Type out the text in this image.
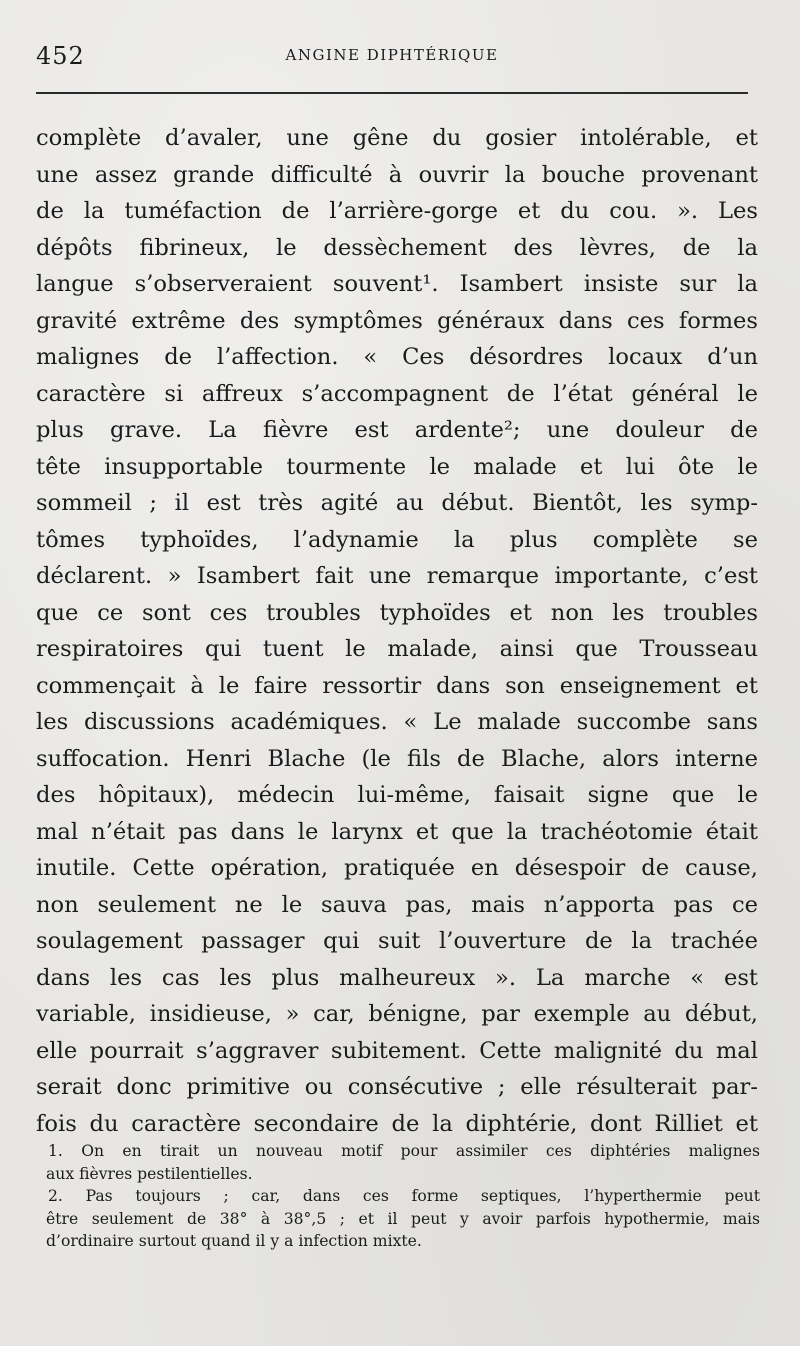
452	ANGINE DIPHTÉRIQUE
complète d’avaler, une gêne du gosier intolérable, et
une assez grande difficulté à ouvrir la bouche provenant
de la tuméfaction de l’arrière-gorge et du cou. ». Les
dépôts fibrineux, le dessèchement des lèvres, de la
langue s’observeraient souvent¹. Isambert insiste sur la
gravité extrême des symptômes généraux dans ces formes
malignes de l’affection. « Ces désordres locaux d’un
caractère si affreux s’accompagnent de l’état général le
plus grave. La fièvre est ardente²; une douleur de
tête insupportable tourmente le malade et lui ôte le
sommeil ; il est très agité au début. Bientôt, les symp-
tômes typhoïdes, l’adynamie la plus complète se
déclarent. » Isambert fait une remarque importante, c’est
que ce sont ces troubles typhoïdes et non les troubles
respiratoires qui tuent le malade, ainsi que Trousseau
commençait à le faire ressortir dans son enseignement et
les discussions académiques. « Le malade succombe sans
suffocation. Henri Blache (le fils de Blache, alors interne
des hôpitaux), médecin lui-même, faisait signe que le
mal n’était pas dans le larynx et que la trachéotomie était
inutile. Cette opération, pratiquée en désespoir de cause,
non seulement ne le sauva pas, mais n’apporta pas ce
soulagement passager qui suit l’ouverture de la trachée
dans les cas les plus malheureux ». La marche « est
variable, insidieuse, » car, bénigne, par exemple au début,
elle pourrait s’aggraver subitement. Cette malignité du mal
serait donc primitive ou consécutive ; elle résulterait par-
fois du caractère secondaire de la diphtérie, dont Rilliet et
1. On en tirait un nouveau motif pour assimiler ces diphtéries malignes
aux fièvres pestilentielles.
2. Pas toujours ; car, dans ces forme septiques, l’hyperthermie peut
être seulement de 38° à 38°,5 ; et il peut y avoir parfois hypothermie, mais
d’ordinaire surtout quand il y a infection mixte.
